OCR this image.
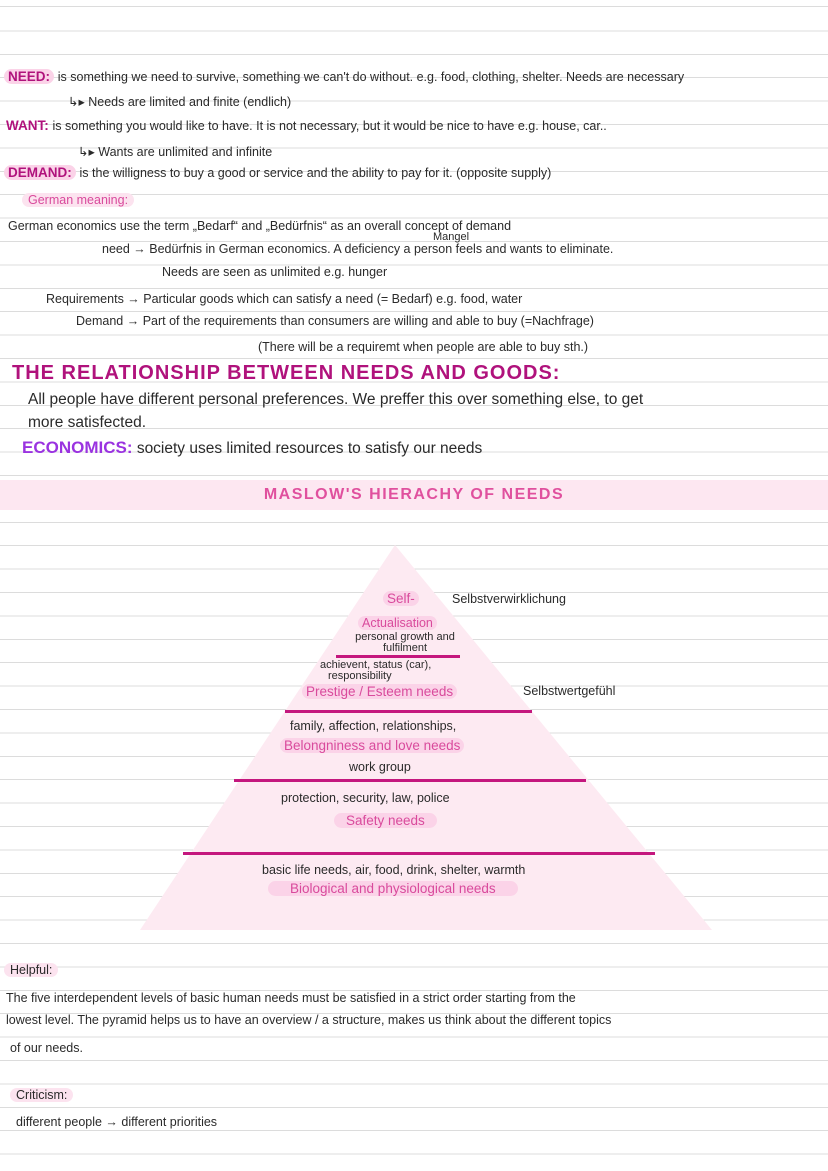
NEED: is something we need to survive, something we can't do without. e.g. food, clothing, shelter. Needs are necessary
↳▸ Needs are limited and finite (endlich)
WANT: is something you would like to have. It is not necessary, but it would be nice to have e.g. house, car..
↳▸ Wants are unlimited and infinite
DEMAND: is the willigness to buy a good or service and the ability to pay for it. (opposite supply)
German meaning:
German economics use the term „Bedarf“ and „Bedürfnis“ as an overall concept of demand
Mangel
need → Bedürfnis in German economics. A deficiency a person feels and wants to eliminate.
Needs are seen as unlimited e.g. hunger
Requirements → Particular goods which can satisfy a need (= Bedarf) e.g. food, water
Demand → Part of the requirements than consumers are willing and able to buy (=Nachfrage)
(There will be a requiremt when people are able to buy sth.)
THE RELATIONSHIP BETWEEN NEEDS AND GOODS:
All people have different personal preferences. We preffer this over something else, to get
more satisfected.
ECONOMICS: society uses limited resources to satisfy our needs
MASLOW'S HIERACHY OF NEEDS
Self-	Selbstverwirklichung
Actualisation
personal growth and
fulfilment
achievent, status (car),
responsibility
Prestige / Esteem needs	Selbstwertgefühl
family, affection, relationships,
Belongniness and love needs
work group
protection, security, law, police
Safety needs
basic life needs, air, food, drink, shelter, warmth
Biological and physiological needs
Helpful:
The five interdependent levels of basic human needs must be satisfied in a strict order starting from the
lowest level. The pyramid helps us to have an overview / a structure, makes us think about the different topics
of our needs.
Criticism:
different people → different priorities
